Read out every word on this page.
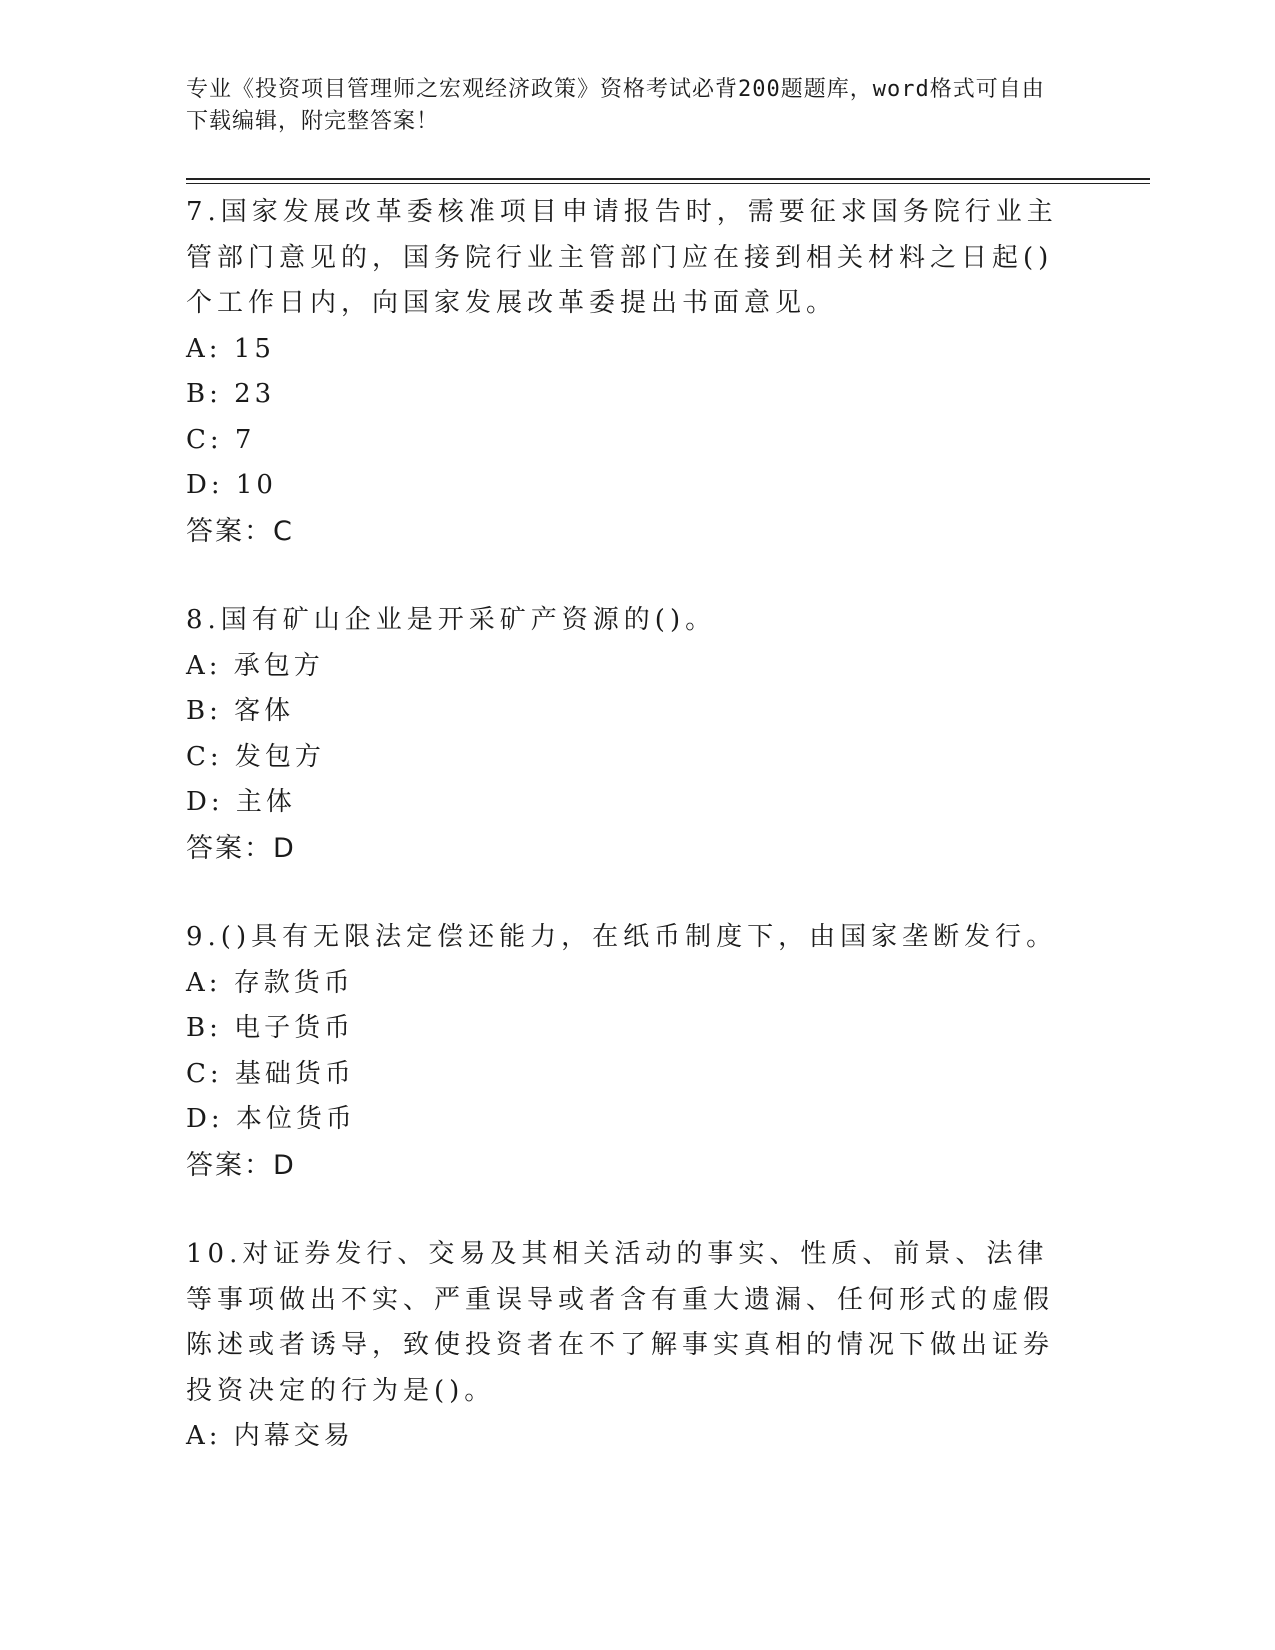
专业《投资项目管理师之宏观经济政策》资格考试必背200题题库，word格式可自由下载编辑，附完整答案！

7.国家发展改革委核准项目申请报告时，需要征求国务院行业主管部门意见的，国务院行业主管部门应在接到相关材料之日起()个工作日内，向国家发展改革委提出书面意见。

A: 15

B: 23

C: 7

D: 10

答案：C

8.国有矿山企业是开采矿产资源的()。

A: 承包方

B: 客体

C: 发包方

D: 主体

答案：D

9.()具有无限法定偿还能力，在纸币制度下，由国家垄断发行。

A: 存款货币

B: 电子货币

C: 基础货币

D: 本位货币

答案：D

10.对证券发行、交易及其相关活动的事实、性质、前景、法律等事项做出不实、严重误导或者含有重大遗漏、任何形式的虚假陈述或者诱导，致使投资者在不了解事实真相的情况下做出证券投资决定的行为是()。

A: 内幕交易
